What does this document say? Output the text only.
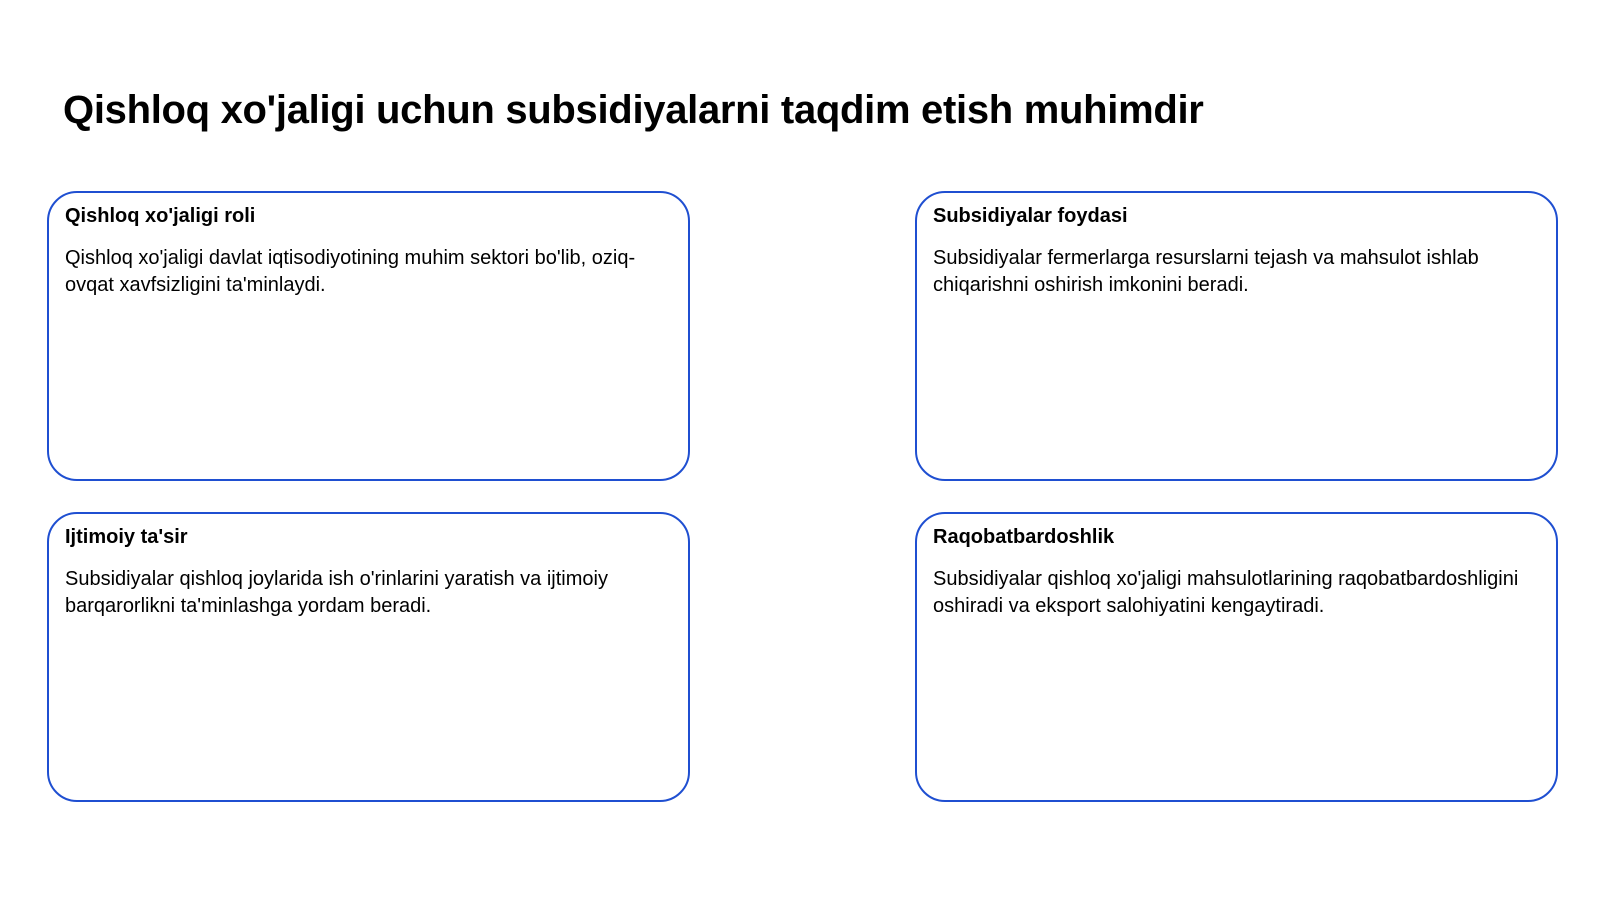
Qishloq xo'jaligi uchun subsidiyalarni taqdim etish muhimdir
Qishloq xo'jaligi roli

Qishloq xo'jaligi davlat iqtisodiyotining muhim sektori bo'lib, oziq-ovqat xavfsizligini ta'minlaydi.

Subsidiyalar foydasi

Subsidiyalar fermerlarga resurslarni tejash va mahsulot ishlab chiqarishni oshirish imkonini beradi.

Ijtimoiy ta'sir

Subsidiyalar qishloq joylarida ish o'rinlarini yaratish va ijtimoiy barqarorlikni ta'minlashga yordam beradi.

Raqobatbardoshlik

Subsidiyalar qishloq xo'jaligi mahsulotlarining raqobatbardoshligini oshiradi va eksport salohiyatini kengaytiradi.
